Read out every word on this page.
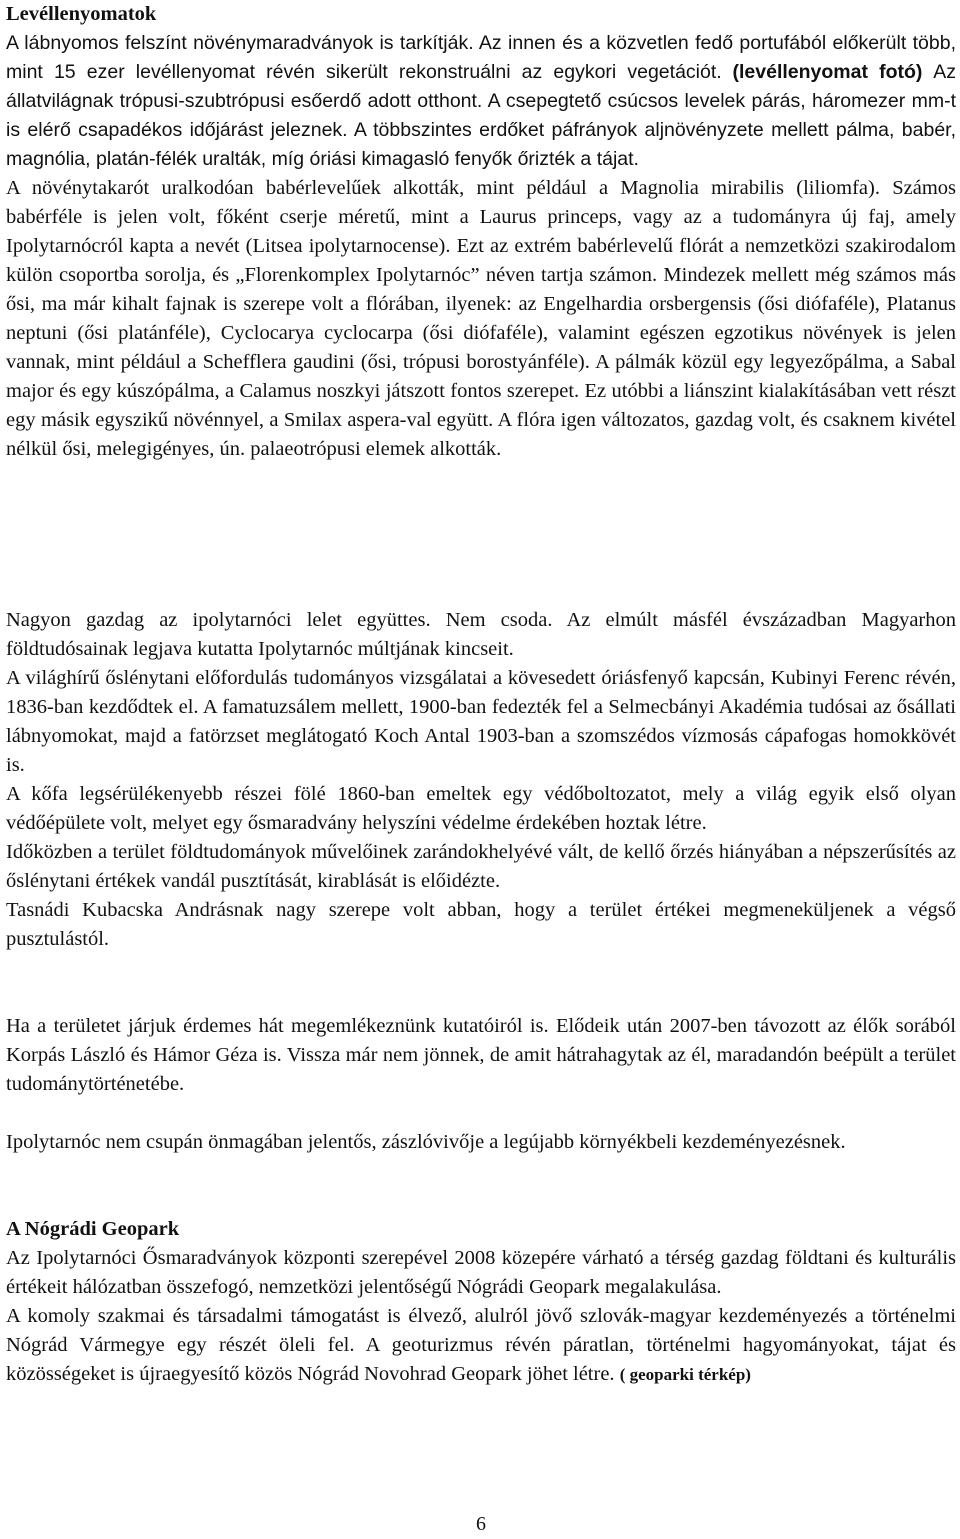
Levéllenyomatok

A lábnyomos felszínt növénymaradványok is tarkítják. Az innen és a közvetlen fedő portufából előkerült több, mint 15 ezer levéllenyomat révén sikerült rekonstruálni az egykori vegetációt. (levéllenyomat fotó) Az állatvilágnak trópusi-szubtrópusi esőerdő adott otthont. A csepegtető csúcsos levelek párás, háromezer mm-t is elérő csapadékos időjárást jeleznek. A többszintes erdőket páfrányok aljnövényzete mellett pálma, babér, magnólia, platán-félék uralták, míg óriási kimagasló fenyők őrizték a tájat.

A növénytakarót uralkodóan babérlevelűek alkották, mint például a Magnolia mirabilis (liliomfa). Számos babérféle is jelen volt, főként cserje méretű, mint a Laurus princeps, vagy az a tudományra új faj, amely Ipolytarnócról kapta a nevét (Litsea ipolytarnocense). Ezt az extrém babérlevelű flórát a nemzetközi szakirodalom külön csoportba sorolja, és „Florenkomplex Ipolytarnóc” néven tartja számon. Mindezek mellett még számos más ősi, ma már kihalt fajnak is szerepe volt a flórában, ilyenek: az Engelhardia orsbergensis (ősi diófaféle), Platanus neptuni (ősi platánféle), Cyclocarya cyclocarpa (ősi diófaféle), valamint egészen egzotikus növények is jelen vannak, mint például a Schefflera gaudini (ősi, trópusi borostyánféle). A pálmák közül egy legyezőpálma, a Sabal major és egy kúszópálma, a Calamus noszkyi játszott fontos szerepet. Ez utóbbi a liánszint kialakításában vett részt egy másik egyszikű növénnyel, a Smilax aspera-val együtt. A flóra igen változatos, gazdag volt, és csaknem kivétel nélkül ősi, melegigényes, ún. palaeotrópusi elemek alkották.

Nagyon gazdag az ipolytarnóci lelet együttes. Nem csoda. Az elmúlt másfél évszázadban Magyarhon földtudósainak legjava kutatta Ipolytarnóc múltjának kincseit.

A világhírű őslénytani előfordulás tudományos vizsgálatai a kövesedett óriásfenyő kapcsán, Kubinyi Ferenc révén, 1836-ban kezdődtek el. A famatuzsálem mellett, 1900-ban fedezték fel a Selmecbányi Akadémia tudósai az ősállati lábnyomokat, majd a fatörzset meglátogató Koch Antal 1903-ban a szomszédos vízmosás cápafogas homokkövét is.

A kőfa legsérülékenyebb részei fölé 1860-ban emeltek egy védőboltozatot, mely a világ egyik első olyan védőépülete volt, melyet egy ősmaradvány helyszíni védelme érdekében hoztak létre.

Időközben a terület földtudományok művelőinek zarándokhelyévé vált, de kellő őrzés hiányában a népszerűsítés az őslénytani értékek vandál pusztítását, kirablását is előidézte.

Tasnádi Kubacska Andrásnak nagy szerepe volt abban, hogy a terület értékei megmeneküljenek a végső pusztulástól.

Ha a területet járjuk érdemes hát megemlékeznünk kutatóiról is. Elődeik után 2007-ben távozott az élők sorából Korpás László és Hámor Géza is. Vissza már nem jönnek, de amit hátrahagytak az él, maradandón beépült a terület tudománytörténetébe.

Ipolytarnóc nem csupán önmagában jelentős, zászlóvivője a legújabb környékbeli kezdeményezésnek.

A Nógrádi Geopark

Az Ipolytarnóci Ősmaradványok központi szerepével 2008 közepére várható a térség gazdag földtani és kulturális értékeit hálózatban összefogó, nemzetközi jelentőségű Nógrádi Geopark megalakulása.

A komoly szakmai és társadalmi támogatást is élvező, alulról jövő szlovák-magyar kezdeményezés a történelmi Nógrád Vármegye egy részét öleli fel. A geoturizmus révén páratlan, történelmi hagyományokat, tájat és közösségeket is újraegyesítő közös Nógrád Novohrad Geopark jöhet létre. ( geoparki térkép)

6
